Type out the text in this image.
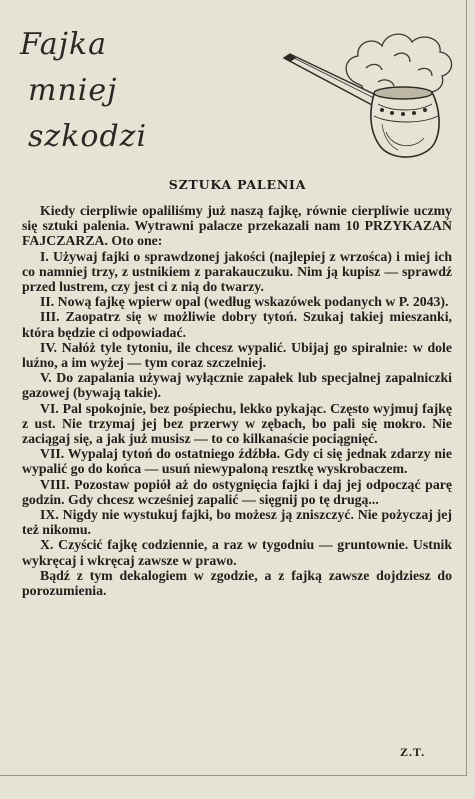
Fajka
mniej
szkodzi
SZTUKA PALENIA

Kiedy cierpliwie opaliliśmy już naszą fajkę, równie cierpliwie uczmy się sztuki palenia. Wytrawni palacze przekazali nam 10 PRZYKAZAŃ FAJCZARZA. Oto one:

I. Używaj fajki o sprawdzonej jakości (najlepiej z wrzośca) i miej ich co namniej trzy, z ustnikiem z parakauczuku. Nim ją kupisz — sprawdź przed lustrem, czy jest ci z nią do twarzy.

II. Nową fajkę wpierw opal (według wskazówek podanych w P. 2043).

III. Zaopatrz się w możliwie dobry tytoń. Szukaj takiej mieszanki, która będzie ci odpowiadać.

IV. Nałóż tyle tytoniu, ile chcesz wypalić. Ubijaj go spiralnie: w dole luźno, a im wyżej — tym coraz szczelniej.

V. Do zapalania używaj wyłącznie zapałek lub specjalnej zapalniczki gazowej (bywają takie).

VI. Pal spokojnie, bez pośpiechu, lekko pykając. Często wyjmuj fajkę z ust. Nie trzymaj jej bez przerwy w zębach, bo pali się mokro. Nie zaciągaj się, a jak już musisz — to co kilkanaście pociągnięć.

VII. Wypalaj tytoń do ostatniego źdźbła. Gdy ci się jednak zdarzy nie wypalić go do końca — usuń niewypaloną resztkę wyskrobaczem.

VIII. Pozostaw popiół aż do ostygnięcia fajki i daj jej odpocząć parę godzin. Gdy chcesz wcześniej zapalić — sięgnij po tę drugą...

IX. Nigdy nie wystukuj fajki, bo możesz ją zniszczyć. Nie pożyczaj jej też nikomu.

X. Czyścić fajkę codziennie, a raz w tygodniu — gruntownie. Ustnik wykręcaj i wkręcaj zawsze w prawo.

Bądź z tym dekalogiem w zgodzie, a z fajką zawsze dojdziesz do porozumienia.

Z.T.
